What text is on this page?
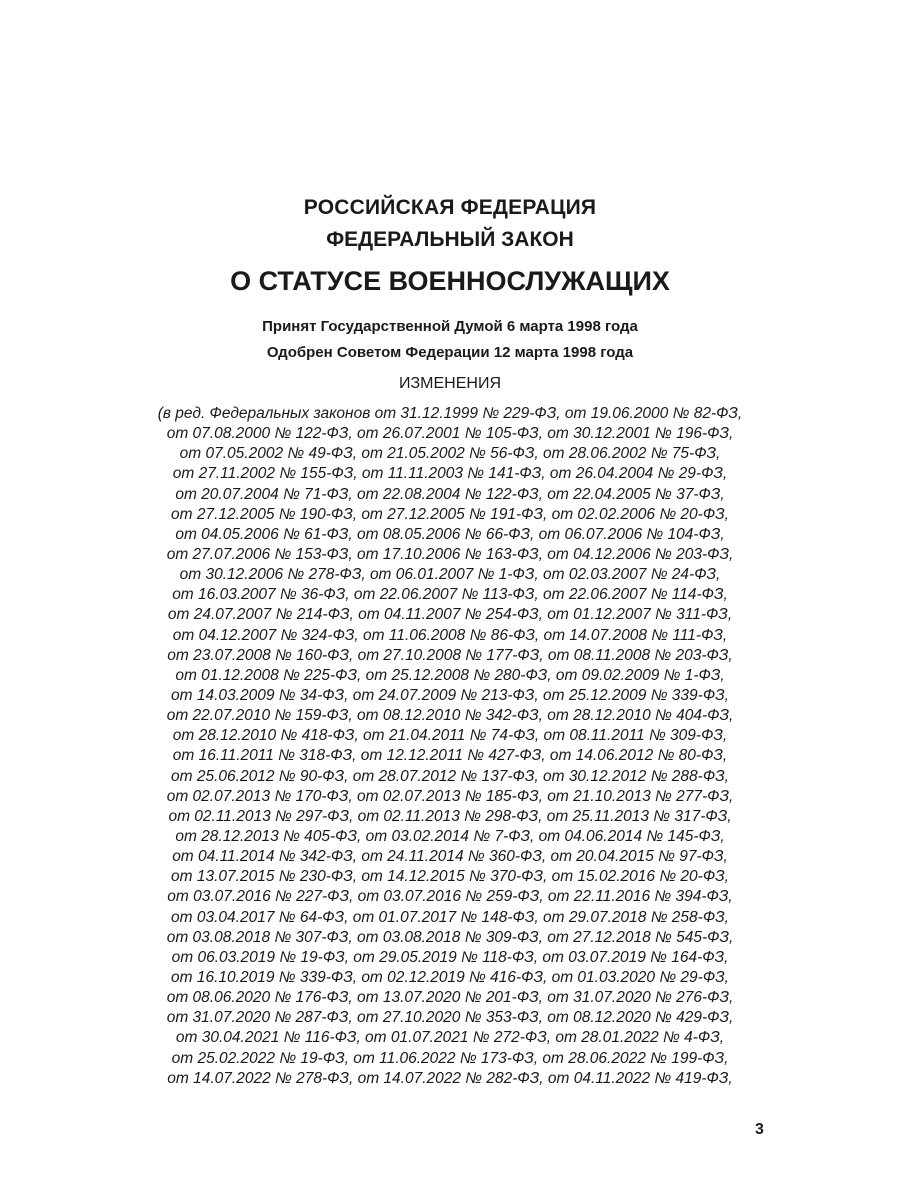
РОССИЙСКАЯ ФЕДЕРАЦИЯ
ФЕДЕРАЛЬНЫЙ ЗАКОН
О СТАТУСЕ ВОЕННОСЛУЖАЩИХ
Принят Государственной Думой 6 марта 1998 года
Одобрен Советом Федерации 12 марта 1998 года
ИЗМЕНЕНИЯ
(в ред. Федеральных законов от 31.12.1999 № 229-ФЗ, от 19.06.2000 № 82-ФЗ,
от 07.08.2000 № 122-ФЗ, от 26.07.2001 № 105-ФЗ, от 30.12.2001 № 196-ФЗ,
от 07.05.2002 № 49-ФЗ, от 21.05.2002 № 56-ФЗ, от 28.06.2002 № 75-ФЗ,
от 27.11.2002 № 155-ФЗ, от 11.11.2003 № 141-ФЗ, от 26.04.2004 № 29-ФЗ,
от 20.07.2004 № 71-ФЗ, от 22.08.2004 № 122-ФЗ, от 22.04.2005 № 37-ФЗ,
от 27.12.2005 № 190-ФЗ, от 27.12.2005 № 191-ФЗ, от 02.02.2006 № 20-ФЗ,
от 04.05.2006 № 61-ФЗ, от 08.05.2006 № 66-ФЗ, от 06.07.2006 № 104-ФЗ,
от 27.07.2006 № 153-ФЗ, от 17.10.2006 № 163-ФЗ, от 04.12.2006 № 203-ФЗ,
от 30.12.2006 № 278-ФЗ, от 06.01.2007 № 1-ФЗ, от 02.03.2007 № 24-ФЗ,
от 16.03.2007 № 36-ФЗ, от 22.06.2007 № 113-ФЗ, от 22.06.2007 № 114-ФЗ,
от 24.07.2007 № 214-ФЗ, от 04.11.2007 № 254-ФЗ, от 01.12.2007 № 311-ФЗ,
от 04.12.2007 № 324-ФЗ, от 11.06.2008 № 86-ФЗ, от 14.07.2008 № 111-ФЗ,
от 23.07.2008 № 160-ФЗ, от 27.10.2008 № 177-ФЗ, от 08.11.2008 № 203-ФЗ,
от 01.12.2008 № 225-ФЗ, от 25.12.2008 № 280-ФЗ, от 09.02.2009 № 1-ФЗ,
от 14.03.2009 № 34-ФЗ, от 24.07.2009 № 213-ФЗ, от 25.12.2009 № 339-ФЗ,
от 22.07.2010 № 159-ФЗ, от 08.12.2010 № 342-ФЗ, от 28.12.2010 № 404-ФЗ,
от 28.12.2010 № 418-ФЗ, от 21.04.2011 № 74-ФЗ, от 08.11.2011 № 309-ФЗ,
от 16.11.2011 № 318-ФЗ, от 12.12.2011 № 427-ФЗ, от 14.06.2012 № 80-ФЗ,
от 25.06.2012 № 90-ФЗ, от 28.07.2012 № 137-ФЗ, от 30.12.2012 № 288-ФЗ,
от 02.07.2013 № 170-ФЗ, от 02.07.2013 № 185-ФЗ, от 21.10.2013 № 277-ФЗ,
от 02.11.2013 № 297-ФЗ, от 02.11.2013 № 298-ФЗ, от 25.11.2013 № 317-ФЗ,
от 28.12.2013 № 405-ФЗ, от 03.02.2014 № 7-ФЗ, от 04.06.2014 № 145-ФЗ,
от 04.11.2014 № 342-ФЗ, от 24.11.2014 № 360-ФЗ, от 20.04.2015 № 97-ФЗ,
от 13.07.2015 № 230-ФЗ, от 14.12.2015 № 370-ФЗ, от 15.02.2016 № 20-ФЗ,
от 03.07.2016 № 227-ФЗ, от 03.07.2016 № 259-ФЗ, от 22.11.2016 № 394-ФЗ,
от 03.04.2017 № 64-ФЗ, от 01.07.2017 № 148-ФЗ, от 29.07.2018 № 258-ФЗ,
от 03.08.2018 № 307-ФЗ, от 03.08.2018 № 309-ФЗ, от 27.12.2018 № 545-ФЗ,
от 06.03.2019 № 19-ФЗ, от 29.05.2019 № 118-ФЗ, от 03.07.2019 № 164-ФЗ,
от 16.10.2019 № 339-ФЗ, от 02.12.2019 № 416-ФЗ, от 01.03.2020 № 29-ФЗ,
от 08.06.2020 № 176-ФЗ, от 13.07.2020 № 201-ФЗ, от 31.07.2020 № 276-ФЗ,
от 31.07.2020 № 287-ФЗ, от 27.10.2020 № 353-ФЗ, от 08.12.2020 № 429-ФЗ,
от 30.04.2021 № 116-ФЗ, от 01.07.2021 № 272-ФЗ, от 28.01.2022 № 4-ФЗ,
от 25.02.2022 № 19-ФЗ, от 11.06.2022 № 173-ФЗ, от 28.06.2022 № 199-ФЗ,
от 14.07.2022 № 278-ФЗ, от 14.07.2022 № 282-ФЗ, от 04.11.2022 № 419-ФЗ,
3
